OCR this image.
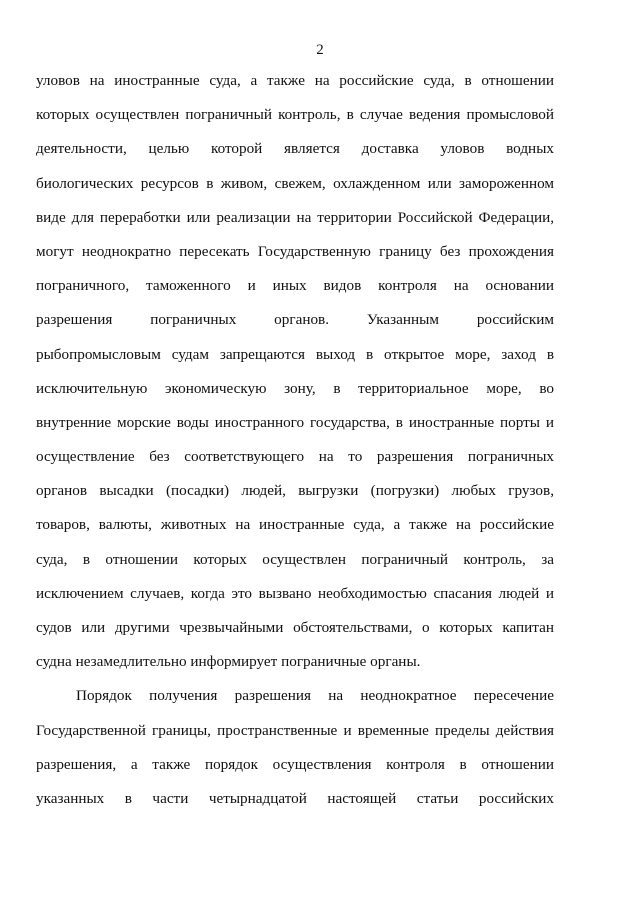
2
уловов на иностранные суда, а также на российские суда, в отношении
которых осуществлен пограничный контроль, в случае ведения промысловой
деятельности, целью которой является доставка уловов водных
биологических ресурсов в живом, свежем, охлажденном или замороженном
виде для переработки или реализации на территории Российской Федерации,
могут неоднократно пересекать Государственную границу без прохождения
пограничного, таможенного и иных видов контроля на основании
разрешения пограничных органов. Указанным российским
рыбопромысловым судам запрещаются выход в открытое море, заход в
исключительную экономическую зону, в территориальное море, во
внутренние морские воды иностранного государства, в иностранные порты и
осуществление без соответствующего на то разрешения пограничных
органов высадки (посадки) людей, выгрузки (погрузки) любых грузов,
товаров, валюты, животных на иностранные суда, а также на российские
суда, в отношении которых осуществлен пограничный контроль, за
исключением случаев, когда это вызвано необходимостью спасания людей и
судов или другими чрезвычайными обстоятельствами, о которых капитан
судна незамедлительно информирует пограничные органы.
Порядок получения разрешения на неоднократное пересечение
Государственной границы, пространственные и временные пределы действия
разрешения, а также порядок осуществления контроля в отношении
указанных в части четырнадцатой настоящей статьи российских
